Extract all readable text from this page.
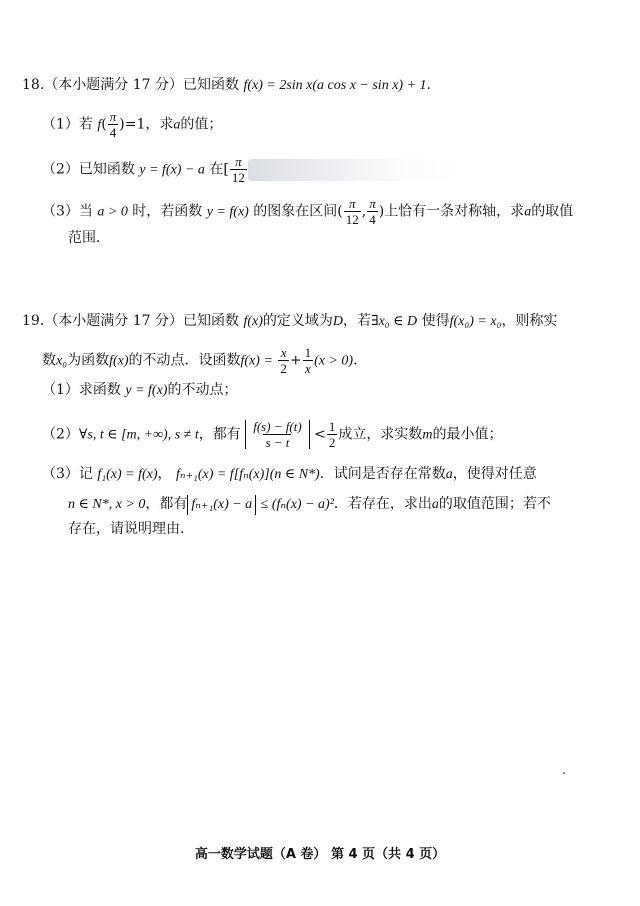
18.（本小题满分 17 分）已知函数 f(x) = 2sin x(a cos x − sin x) + 1.
（1）若 $f( \frac{\pi}{4} )=1$，求a的值；
（2）已知函数 y = f(x) − a 在[ $\frac{\pi}{12}$
（3）当 a > 0 时，若函数 y = f(x) 的图象在区间( $\frac{\pi}{12}$ , $\frac{\pi}{4}$ )上恰有一条对称轴，求a的取值
范围.
19.（本小题满分 17 分）已知函数 f(x)的定义域为D，若∃x₀ ∈ D 使得f(x₀) = x₀，则称实
数x₀为函数f(x)的不动点．设函数$f(x) = \frac{x}{2} + \frac{1}{x} (x > 0)$.
（1）求函数 y = f(x)的不动点；
（2）∀s, t ∈ [m, +∞), s ≠ t，都有 $\frac{f(s) - f(t)}{s - t} < \frac{1}{2}$ 成立，求实数m的最小值；
（3）记 f₁(x) = f(x)， fₙ₊₁(x) = f[fₙ(x)](n ∈ N*)．试问是否存在常数a，使得对任意
n ∈ N*, x > 0，都有 fₙ₊₁(x) − a ≤ (fₙ(x) − a)²．若存在，求出a的取值范围；若不
存在，请说明理由.
高一数学试题（A 卷） 第 4 页（共 4 页）
